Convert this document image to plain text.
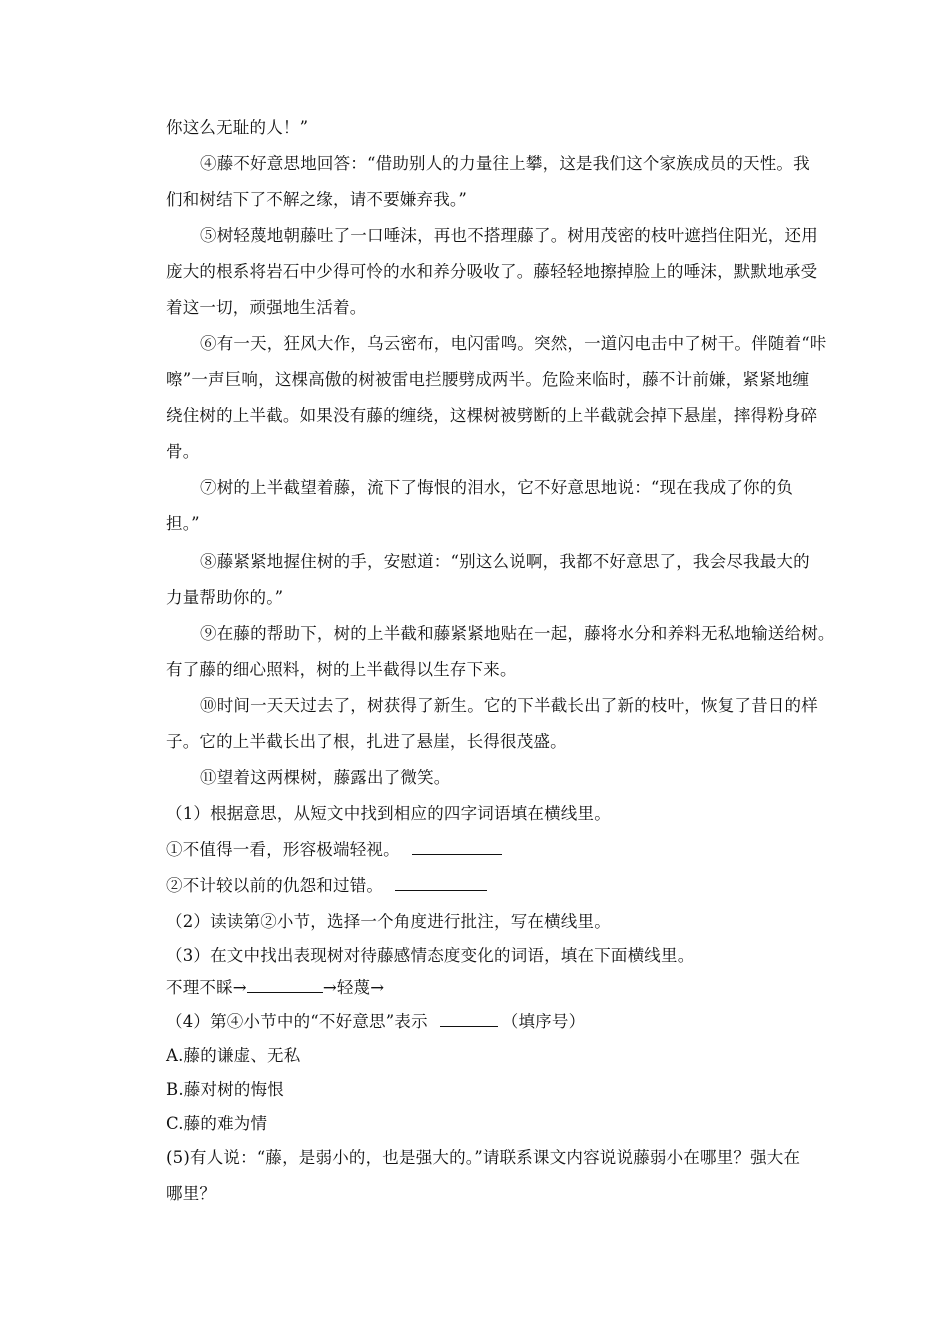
你这么无耻的人！”
④藤不好意思地回答：“借助别人的力量往上攀，这是我们这个家族成员的天性。我
们和树结下了不解之缘，请不要嫌弃我。”
⑤树轻蔑地朝藤吐了一口唾沫，再也不搭理藤了。树用茂密的枝叶遮挡住阳光，还用
庞大的根系将岩石中少得可怜的水和养分吸收了。藤轻轻地擦掉脸上的唾沫，默默地承受
着这一切，顽强地生活着。
⑥有一天，狂风大作，乌云密布，电闪雷鸣。突然，一道闪电击中了树干。伴随着“咔
嚓”一声巨响，这棵高傲的树被雷电拦腰劈成两半。危险来临时，藤不计前嫌，紧紧地缠
绕住树的上半截。如果没有藤的缠绕，这棵树被劈断的上半截就会掉下悬崖，摔得粉身碎
骨。
⑦树的上半截望着藤，流下了悔恨的泪水，它不好意思地说：“现在我成了你的负
担。”
⑧藤紧紧地握住树的手，安慰道：“别这么说啊，我都不好意思了，我会尽我最大的
力量帮助你的。”
⑨在藤的帮助下，树的上半截和藤紧紧地贴在一起，藤将水分和养料无私地输送给树。
有了藤的细心照料，树的上半截得以生存下来。
⑩时间一天天过去了，树获得了新生。它的下半截长出了新的枝叶，恢复了昔日的样
子。它的上半截长出了根，扎进了悬崖，长得很茂盛。
⑪望着这两棵树，藤露出了微笑。
（1）根据意思，从短文中找到相应的四字词语填在横线里。
①不值得一看，形容极端轻视。
②不计较以前的仇怨和过错。
（2）读读第②小节，选择一个角度进行批注，写在横线里。
（3）在文中找出表现树对待藤感情态度变化的词语，填在下面横线里。
不理不睬→	→轻蔑→
（4）第④小节中的“不好意思”表示	（填序号）
A.藤的谦虚、无私
B.藤对树的悔恨
C.藤的难为情
(5)有人说：“藤，是弱小的，也是强大的。”请联系课文内容说说藤弱小在哪里？强大在
哪里？
